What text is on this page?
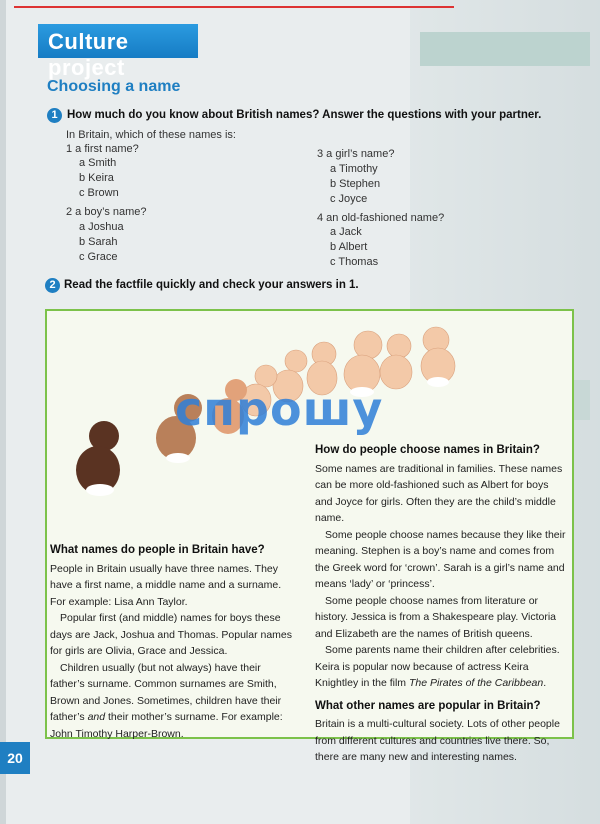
Culture project
Choosing a name
1 How much do you know about British names? Answer the questions with your partner.
In Britain, which of these names is:
1 a first name?
a Smith
b Keira
c Brown
2 a boy’s name?
a Joshua
b Sarah
c Grace
3 a girl’s name?
a Timothy
b Stephen
c Joyce
4 an old-fashioned name?
a Jack
b Albert
c Thomas
2 Read the factfile quickly and check your answers in 1.
спрошу
What names do people in Britain have?

People in Britain usually have three names. They have a first name, a middle name and a surname. For example: Lisa Ann Taylor.

Popular first (and middle) names for boys these days are Jack, Joshua and Thomas. Popular names for girls are Olivia, Grace and Jessica.

Children usually (but not always) have their father’s surname. Common surnames are Smith, Brown and Jones. Sometimes, children have their father’s and their mother’s surname. For example: John Timothy Harper-Brown.

How do people choose names in Britain?

Some names are traditional in families. These names can be more old-fashioned such as Albert for boys and Joyce for girls. Often they are the child’s middle name.

Some people choose names because they like their meaning. Stephen is a boy’s name and comes from the Greek word for ‘crown’. Sarah is a girl’s name and means ‘lady’ or ‘princess’.

Some people choose names from literature or history. Jessica is from a Shakespeare play. Victoria and Elizabeth are the names of British queens.

Some parents name their children after celebrities. Keira is popular now because of actress Keira Knightley in the film The Pirates of the Caribbean.

What other names are popular in Britain?

Britain is a multi-cultural society. Lots of other people from different cultures and countries live there. So, there are many new and interesting names.

20
